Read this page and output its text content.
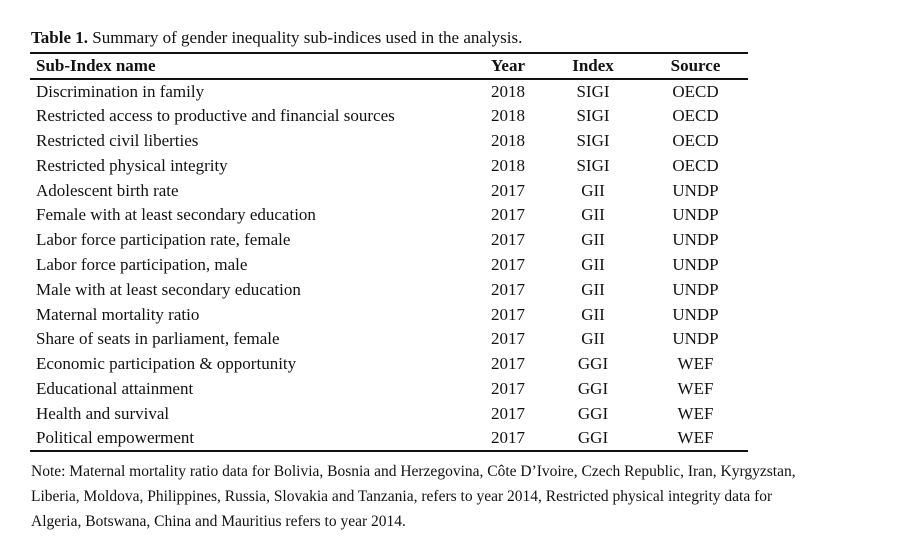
Table 1. Summary of gender inequality sub-indices used in the analysis.

Sub-Index name	Year	Index	Source
Discrimination in family	2018	SIGI	OECD
Restricted access to productive and financial sources	2018	SIGI	OECD
Restricted civil liberties	2018	SIGI	OECD
Restricted physical integrity	2018	SIGI	OECD
Adolescent birth rate	2017	GII	UNDP
Female with at least secondary education	2017	GII	UNDP
Labor force participation rate, female	2017	GII	UNDP
Labor force participation, male	2017	GII	UNDP
Male with at least secondary education	2017	GII	UNDP
Maternal mortality ratio	2017	GII	UNDP
Share of seats in parliament, female	2017	GII	UNDP
Economic participation & opportunity	2017	GGI	WEF
Educational attainment	2017	GGI	WEF
Health and survival	2017	GGI	WEF
Political empowerment	2017	GGI	WEF
Note: Maternal mortality ratio data for Bolivia, Bosnia and Herzegovina, Côte D’Ivoire, Czech Republic, Iran, Kyrgyzstan,
Liberia, Moldova, Philippines, Russia, Slovakia and Tanzania, refers to year 2014, Restricted physical integrity data for
Algeria, Botswana, China and Mauritius refers to year 2014.
